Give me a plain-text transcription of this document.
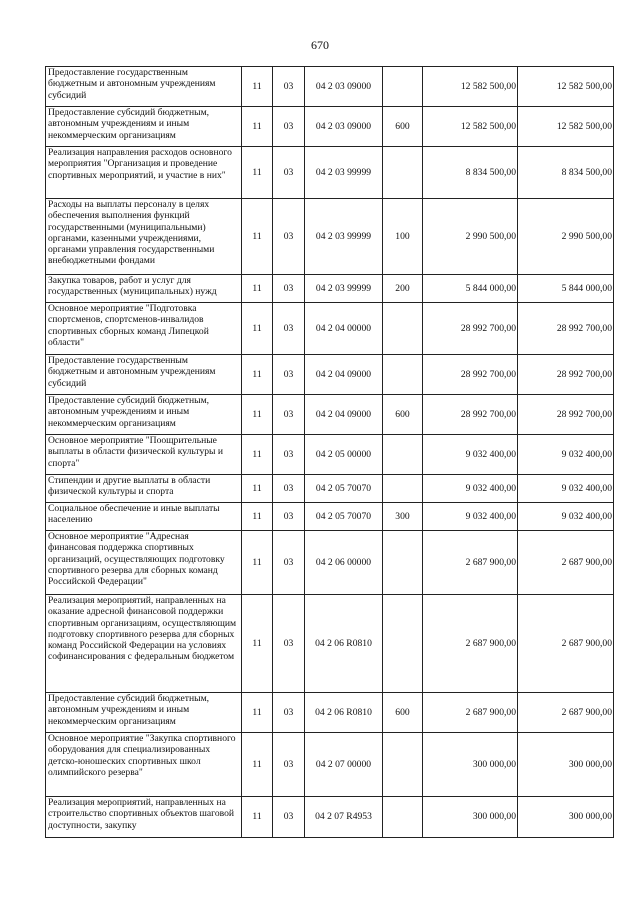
670
Предоставление государственным бюджетным и автономным учреждениям субсидий	11	03	04 2 03 09000		12 582 500,00	12 582 500,00
Предоставление субсидий бюджетным, автономным учреждениям и иным некоммерческим организациям	11	03	04 2 03 09000	600	12 582 500,00	12 582 500,00
Реализация направления расходов основного мероприятия "Организация и проведение спортивных мероприятий, и участие в них"	11	03	04 2 03 99999		8 834 500,00	8 834 500,00
Расходы на выплаты персоналу в целях обеспечения выполнения функций государственными (муниципальными) органами, казенными учреждениями, органами управления государственными внебюджетными фондами	11	03	04 2 03 99999	100	2 990 500,00	2 990 500,00
Закупка товаров, работ и услуг для государственных (муниципальных) нужд	11	03	04 2 03 99999	200	5 844 000,00	5 844 000,00
Основное мероприятие "Подготовка спортсменов, спортсменов-инвалидов спортивных сборных команд Липецкой области"	11	03	04 2 04 00000		28 992 700,00	28 992 700,00
Предоставление государственным бюджетным и автономным учреждениям субсидий	11	03	04 2 04 09000		28 992 700,00	28 992 700,00
Предоставление субсидий бюджетным, автономным учреждениям и иным некоммерческим организациям	11	03	04 2 04 09000	600	28 992 700,00	28 992 700,00
Основное мероприятие "Поощрительные выплаты в области физической культуры и спорта"	11	03	04 2 05 00000		9 032 400,00	9 032 400,00
Стипендии и другие выплаты в области физической культуры и спорта	11	03	04 2 05 70070		9 032 400,00	9 032 400,00
Социальное обеспечение и иные выплаты населению	11	03	04 2 05 70070	300	9 032 400,00	9 032 400,00
Основное мероприятие "Адресная финансовая поддержка спортивных организаций, осуществляющих подготовку спортивного резерва для сборных команд Российской Федерации"	11	03	04 2 06 00000		2 687 900,00	2 687 900,00
Реализация мероприятий, направленных на оказание адресной финансовой поддержки спортивным организациям, осуществляющим подготовку спортивного резерва для сборных команд Российской Федерации на условиях софинансирования с федеральным бюджетом	11	03	04 2 06 R0810		2 687 900,00	2 687 900,00
Предоставление субсидий бюджетным, автономным учреждениям и иным некоммерческим организациям	11	03	04 2 06 R0810	600	2 687 900,00	2 687 900,00
Основное мероприятие "Закупка спортивного оборудования для специализированных детско-юношеских спортивных школ олимпийского резерва"	11	03	04 2 07 00000		300 000,00	300 000,00
Реализация мероприятий, направленных на строительство спортивных объектов шаговой доступности, закупку	11	03	04 2 07 R4953		300 000,00	300 000,00
